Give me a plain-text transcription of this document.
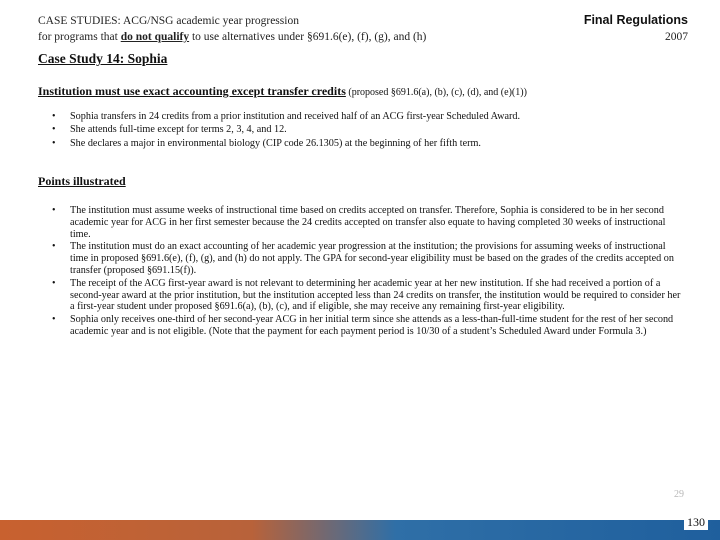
CASE STUDIES: ACG/NSG academic year progression
for programs that do not qualify to use alternatives under §691.6(e), (f), (g), and (h)
Final Regulations
2007
Case Study 14: Sophia
Institution must use exact accounting except transfer credits (proposed §691.6(a), (b), (c), (d), and (e)(1))
• Sophia transfers in 24 credits from a prior institution and received half of an ACG first-year Scheduled Award.
• She attends full-time except for terms 2, 3, 4, and 12.
• She declares a major in environmental biology (CIP code 26.1305) at the beginning of her fifth term.
Points illustrated
• The institution must assume weeks of instructional time based on credits accepted on transfer. Therefore, Sophia is considered to be in her second academic year for ACG in her first semester because the 24 credits accepted on transfer also equate to having completed 30 weeks of instructional time.
• The institution must do an exact accounting of her academic year progression at the institution; the provisions for assuming weeks of instructional time in proposed §691.6(e), (f), (g), and (h) do not apply. The GPA for second-year eligibility must be based on the grades of the credits accepted on transfer (proposed §691.15(f)).
• The receipt of the ACG first-year award is not relevant to determining her academic year at her new institution. If she had received a portion of a second-year award at the prior institution, but the institution accepted less than 24 credits on transfer, the institution would be required to consider her a first-year student under proposed §691.6(a), (b), (c), and if eligible, she may receive any remaining first-year eligibility.
• Sophia only receives one-third of her second-year ACG in her initial term since she attends as a less-than-full-time student for the rest of her second academic year and is not eligible. (Note that the payment for each payment period is 10/30 of a student’s Scheduled Award under Formula 3.)
29
130
